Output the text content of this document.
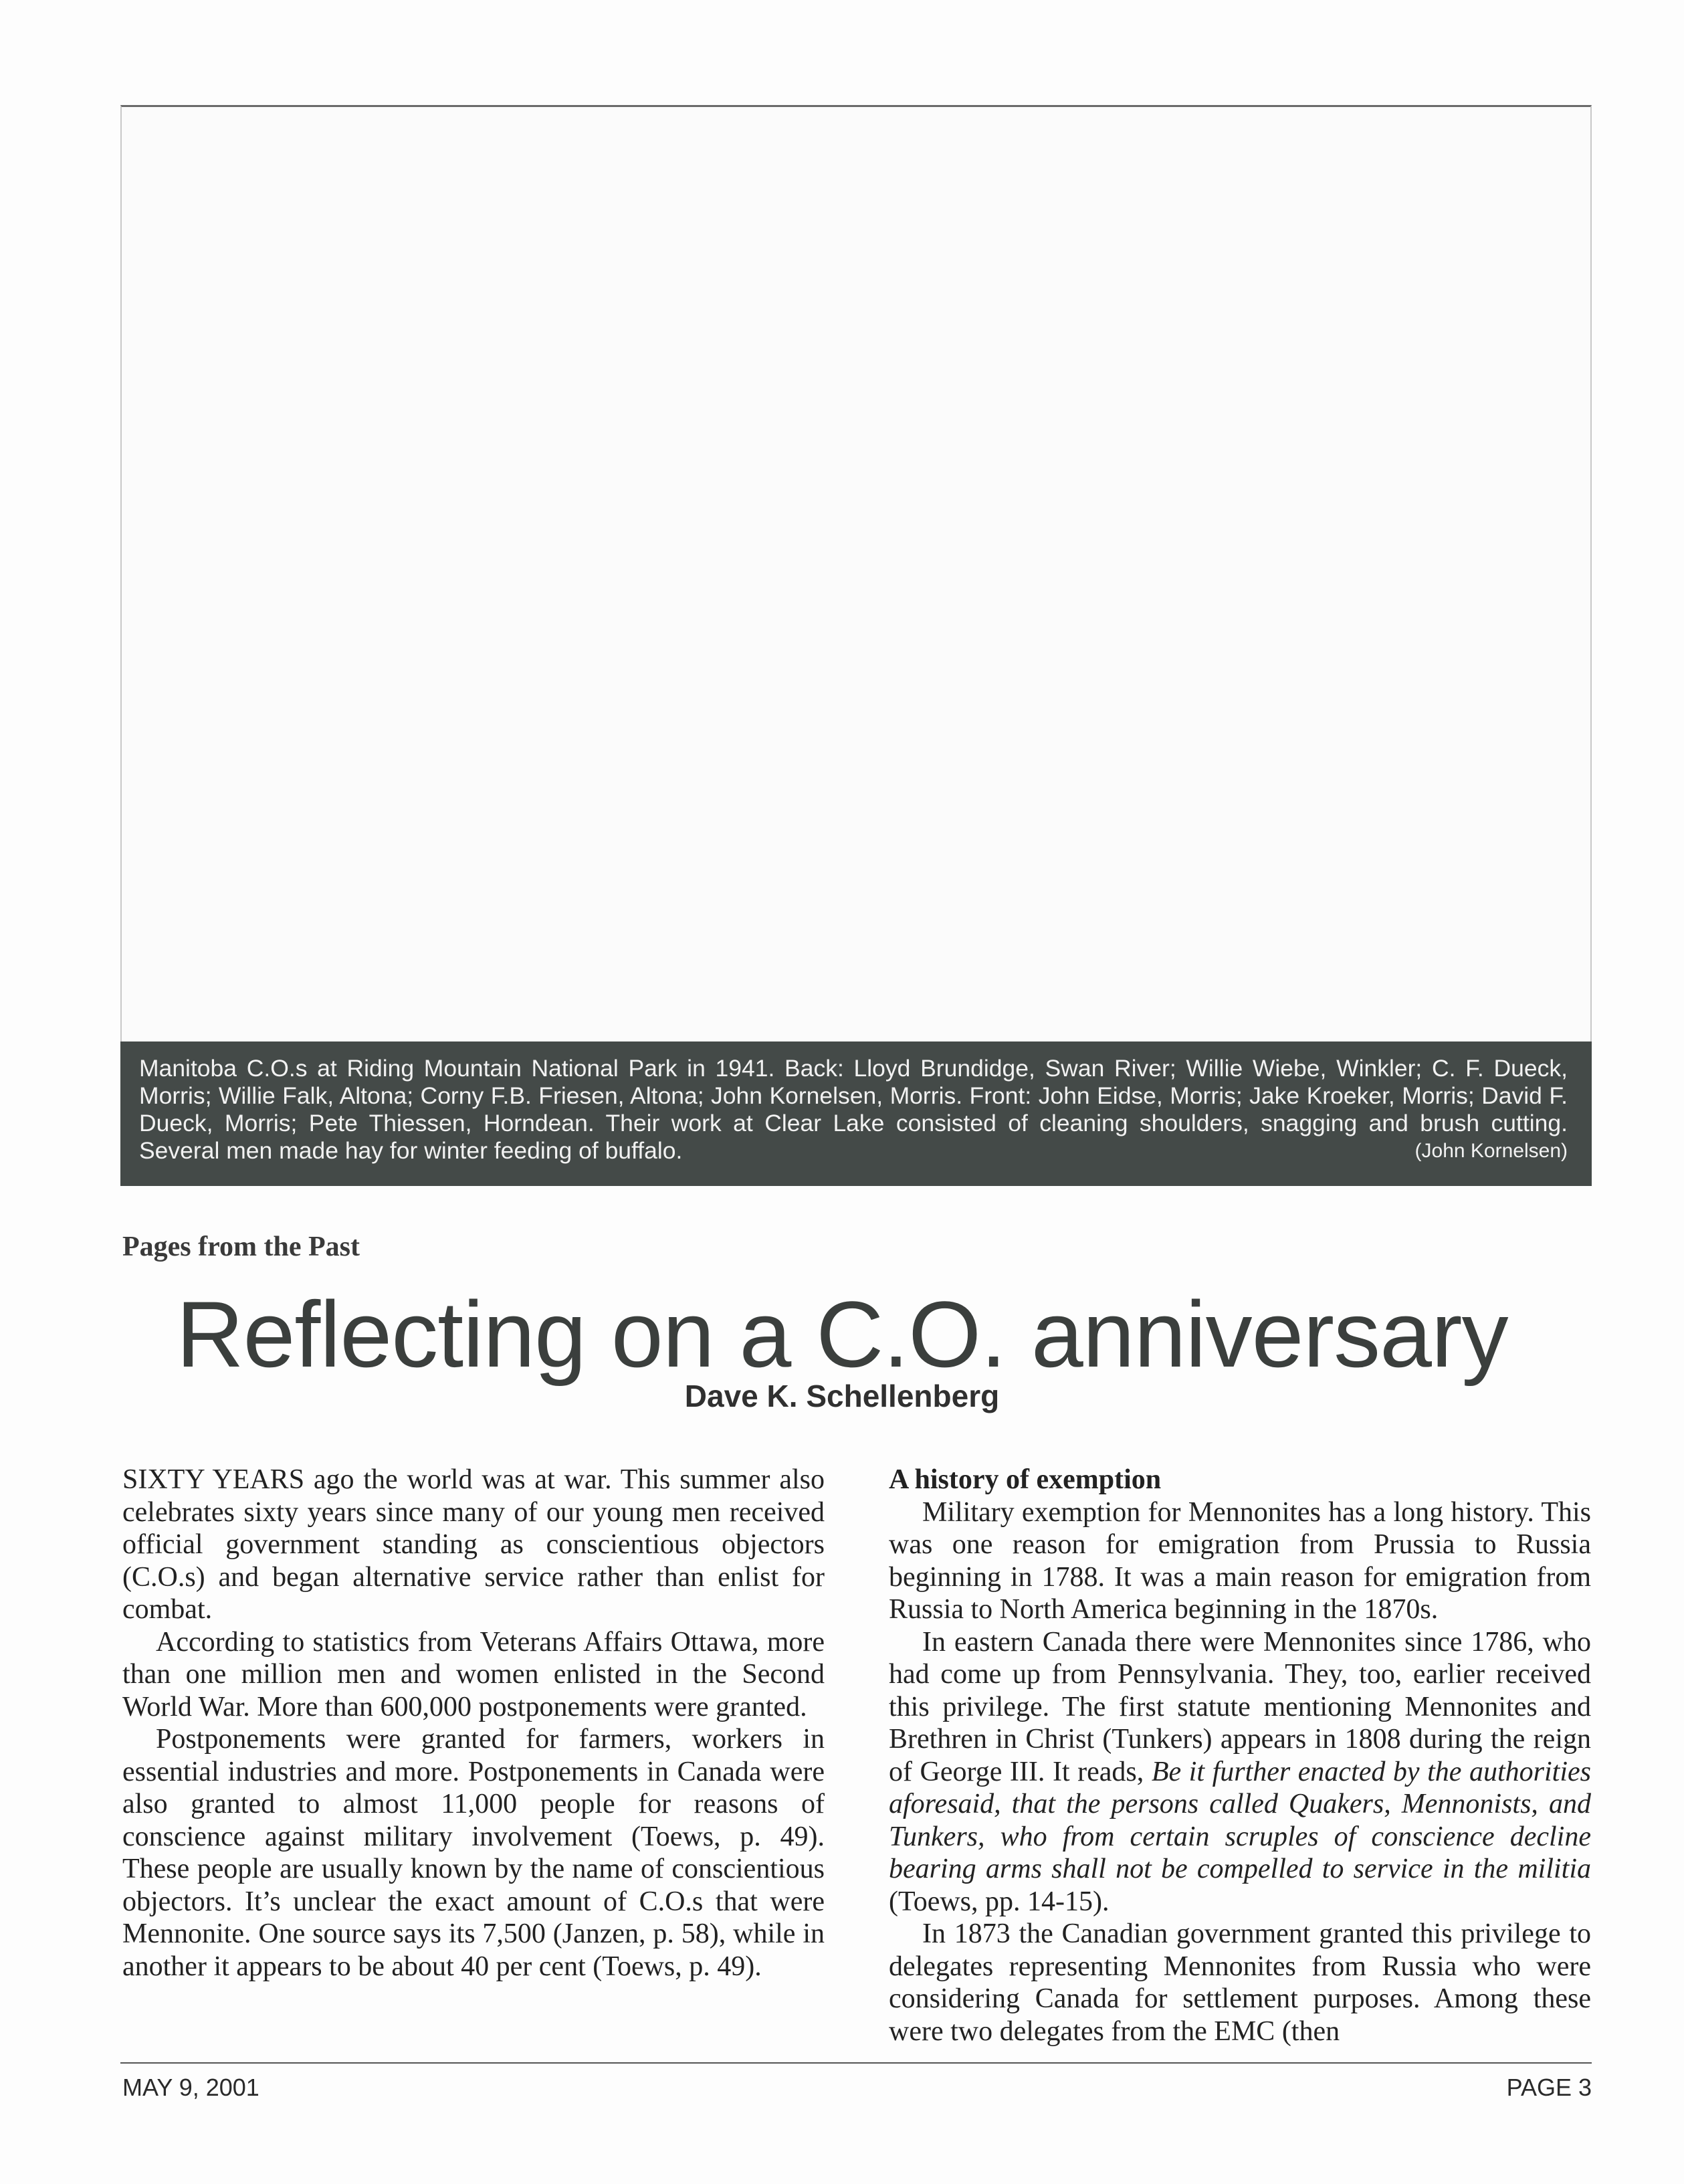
Manitoba C.O.s at Riding Mountain National Park in 1941. Back: Lloyd Brundidge, Swan River; Willie Wiebe, Winkler; C. F. Dueck, Morris; Willie Falk, Altona; Corny F.B. Friesen, Altona; John Kornelsen, Morris. Front: John Eidse, Morris; Jake Kroeker, Morris; David F. Dueck, Morris; Pete Thiessen, Horndean. Their work at Clear Lake consisted of cleaning shoulders, snagging and brush cutting. Several men made hay for winter feeding of buffalo.	(John Kornelsen)
Pages from the Past
Reflecting on a C.O. anniversary
Dave K. Schellenberg

SIXTY YEARS ago the world was at war. This summer also celebrates sixty years since many of our young men received official government standing as conscientious objectors (C.O.s) and began alternative service rather than enlist for combat.

According to statistics from Veterans Affairs Ottawa, more than one million men and women enlisted in the Second World War. More than 600,000 postponements were granted.

Postponements were granted for farmers, workers in essential industries and more. Postponements in Canada were also granted to almost 11,000 people for reasons of conscience against military involvement (Toews, p. 49). These people are usually known by the name of conscientious objectors. It’s unclear the exact amount of C.O.s that were Mennonite. One source says its 7,500 (Janzen, p. 58), while in another it appears to be about 40 per cent (Toews, p. 49).

A history of exemption

Military exemption for Mennonites has a long history. This was one reason for emigration from Prussia to Russia beginning in 1788. It was a main reason for emigration from Russia to North America beginning in the 1870s.

In eastern Canada there were Mennonites since 1786, who had come up from Pennsylvania. They, too, earlier received this privilege. The first statute mentioning Mennonites and Brethren in Christ (Tunkers) appears in 1808 during the reign of George III. It reads, Be it further enacted by the authorities aforesaid, that the persons called Quakers, Mennonists, and Tunkers, who from certain scruples of conscience decline bearing arms shall not be compelled to service in the militia (Toews, pp. 14-15).

In 1873 the Canadian government granted this privilege to delegates representing Mennonites from Russia who were considering Canada for settlement purposes. Among these were two delegates from the EMC (then

MAY 9, 2001	PAGE 3
